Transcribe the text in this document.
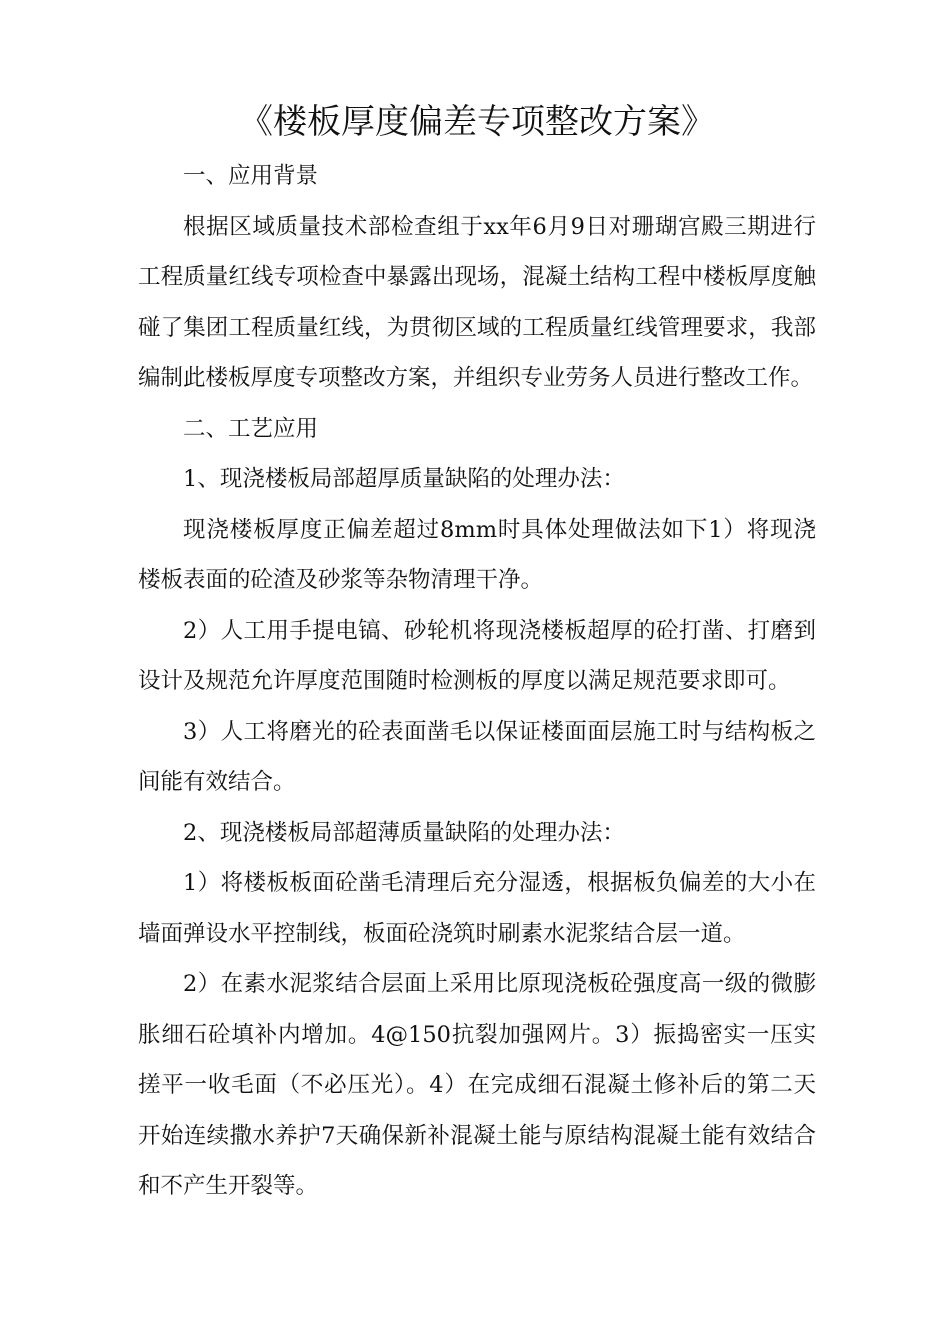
《楼板厚度偏差专项整改方案》

一、应用背景

根据区域质量技术部检查组于xx年6月9日对珊瑚宫殿三期进行工程质量红线专项检查中暴露出现场，混凝土结构工程中楼板厚度触碰了集团工程质量红线，为贯彻区域的工程质量红线管理要求，我部编制此楼板厚度专项整改方案，并组织专业劳务人员进行整改工作。

二、工艺应用

1、现浇楼板局部超厚质量缺陷的处理办法：

现浇楼板厚度正偏差超过8mm时具体处理做法如下1）将现浇楼板表面的砼渣及砂浆等杂物清理干净。

2）人工用手提电镐、砂轮机将现浇楼板超厚的砼打凿、打磨到设计及规范允许厚度范围随时检测板的厚度以满足规范要求即可。

3）人工将磨光的砼表面凿毛以保证楼面面层施工时与结构板之间能有效结合。

2、现浇楼板局部超薄质量缺陷的处理办法：

1）将楼板板面砼凿毛清理后充分湿透，根据板负偏差的大小在墙面弹设水平控制线，板面砼浇筑时刷素水泥浆结合层一道。

2）在素水泥浆结合层面上采用比原现浇板砼强度高一级的微膨胀细石砼填补内增加。4@150抗裂加强网片。3）振捣密实一压实搓平一收毛面（不必压光）。4）在完成细石混凝土修补后的第二天开始连续撒水养护7天确保新补混凝土能与原结构混凝土能有效结合和不产生开裂等。
